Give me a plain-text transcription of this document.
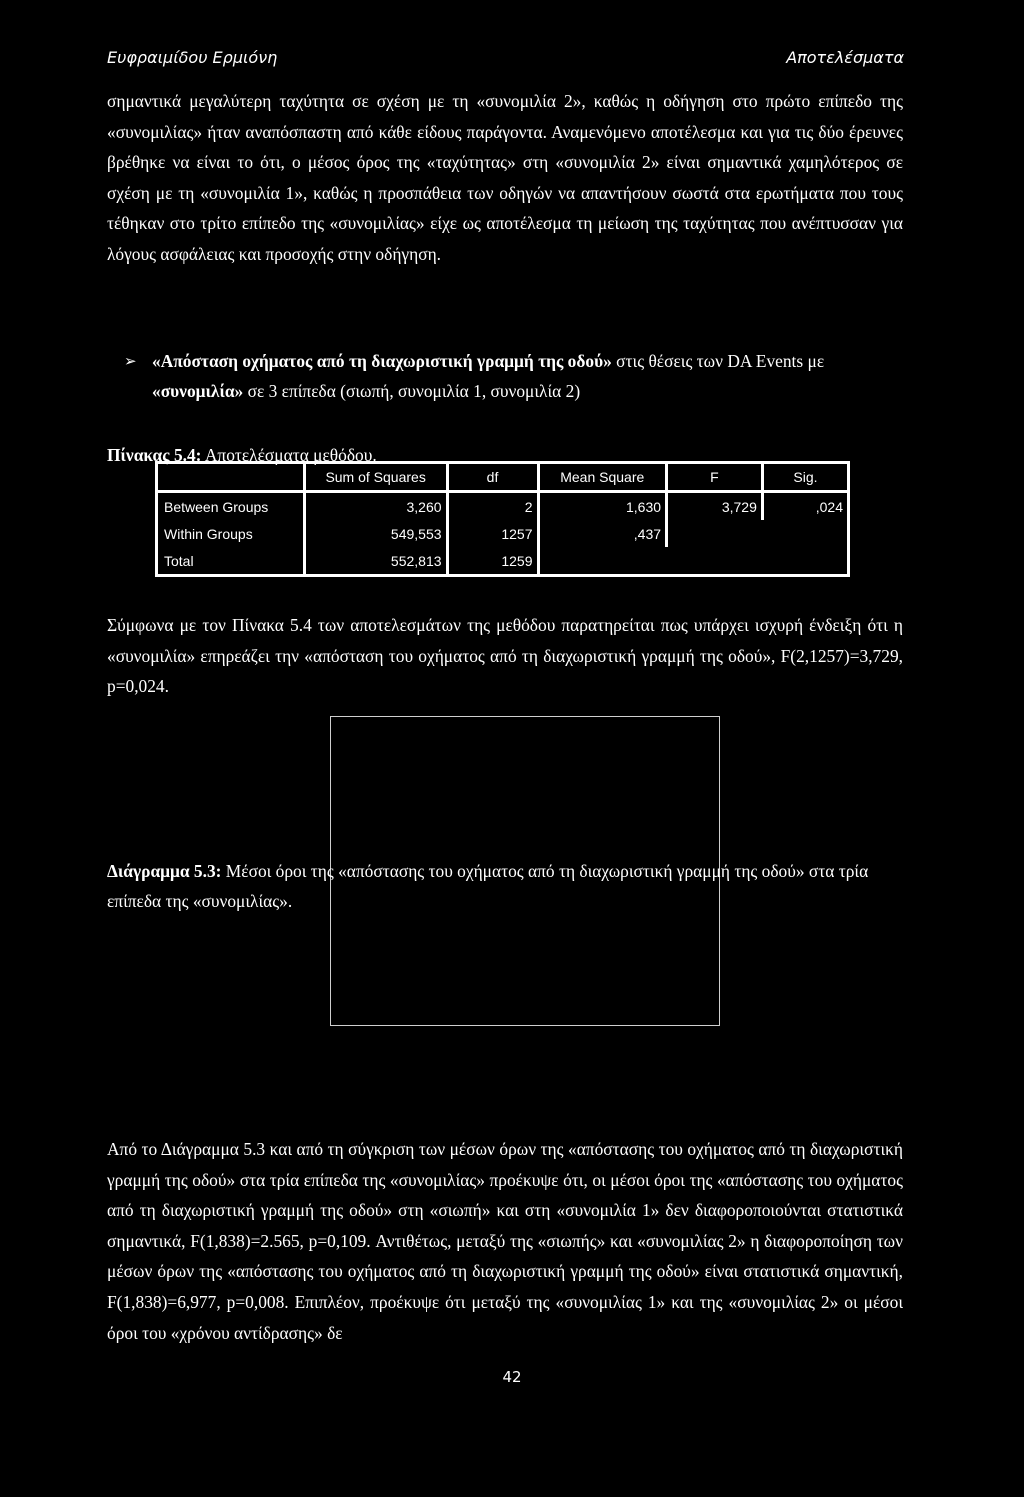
Ευφραιμίδου Ερμιόνη	Αποτελέσματα
σημαντικά μεγαλύτερη ταχύτητα σε σχέση με τη «συνομιλία 2», καθώς η οδήγηση στο πρώτο επίπεδο της «συνομιλίας» ήταν αναπόσπαστη από κάθε είδους παράγοντα. Αναμενόμενο αποτέλεσμα και για τις δύο έρευνες βρέθηκε να είναι το ότι, ο μέσος όρος της «ταχύτητας» στη «συνομιλία 2» είναι σημαντικά χαμηλότερος σε σχέση με τη «συνομιλία 1», καθώς η προσπάθεια των οδηγών να απαντήσουν σωστά στα ερωτήματα που τους τέθηκαν στο τρίτο επίπεδο της «συνομιλίας» είχε ως αποτέλεσμα τη μείωση της ταχύτητας που ανέπτυσσαν για λόγους ασφάλειας και προσοχής στην οδήγηση.
➢ «Απόσταση οχήματος από τη διαχωριστική γραμμή της οδού» στις θέσεις των DA Events με «συνομιλία» σε 3 επίπεδα (σιωπή, συνομιλία 1, συνομιλία 2)
Πίνακας 5.4: Αποτελέσματα μεθόδου.
	Sum of Squares	df	Mean Square	F	Sig.
Between Groups	3,260	2	1,630	3,729	,024
Within Groups	549,553	1257	,437		
Total	552,813	1259			
Σύμφωνα με τον Πίνακα 5.4 των αποτελεσμάτων της μεθόδου παρατηρείται πως υπάρχει ισχυρή ένδειξη ότι η «συνομιλία» επηρεάζει την «απόσταση του οχήματος από τη διαχωριστική γραμμή της οδού», F(2,1257)=3,729, p=0,024.
Διάγραμμα 5.3: Μέσοι όροι της «απόστασης του οχήματος από τη διαχωριστική γραμμή της οδού» στα τρία επίπεδα της «συνομιλίας».
Από το Διάγραμμα 5.3 και από τη σύγκριση των μέσων όρων της «απόστασης του οχήματος από τη διαχωριστική γραμμή της οδού» στα τρία επίπεδα της «συνομιλίας» προέκυψε ότι, οι μέσοι όροι της «απόστασης του οχήματος από τη διαχωριστική γραμμή της οδού» στη «σιωπή» και στη «συνομιλία 1» δεν διαφοροποιούνται στατιστικά σημαντικά, F(1,838)=2.565, p=0,109. Αντιθέτως, μεταξύ της «σιωπής» και «συνομιλίας 2» η διαφοροποίηση των μέσων όρων της «απόστασης του οχήματος από τη διαχωριστική γραμμή της οδού» είναι στατιστικά σημαντική, F(1,838)=6,977, p=0,008. Επιπλέον, προέκυψε ότι μεταξύ της «συνομιλίας 1» και της «συνομιλίας 2» οι μέσοι όροι του «χρόνου αντίδρασης» δε
42
